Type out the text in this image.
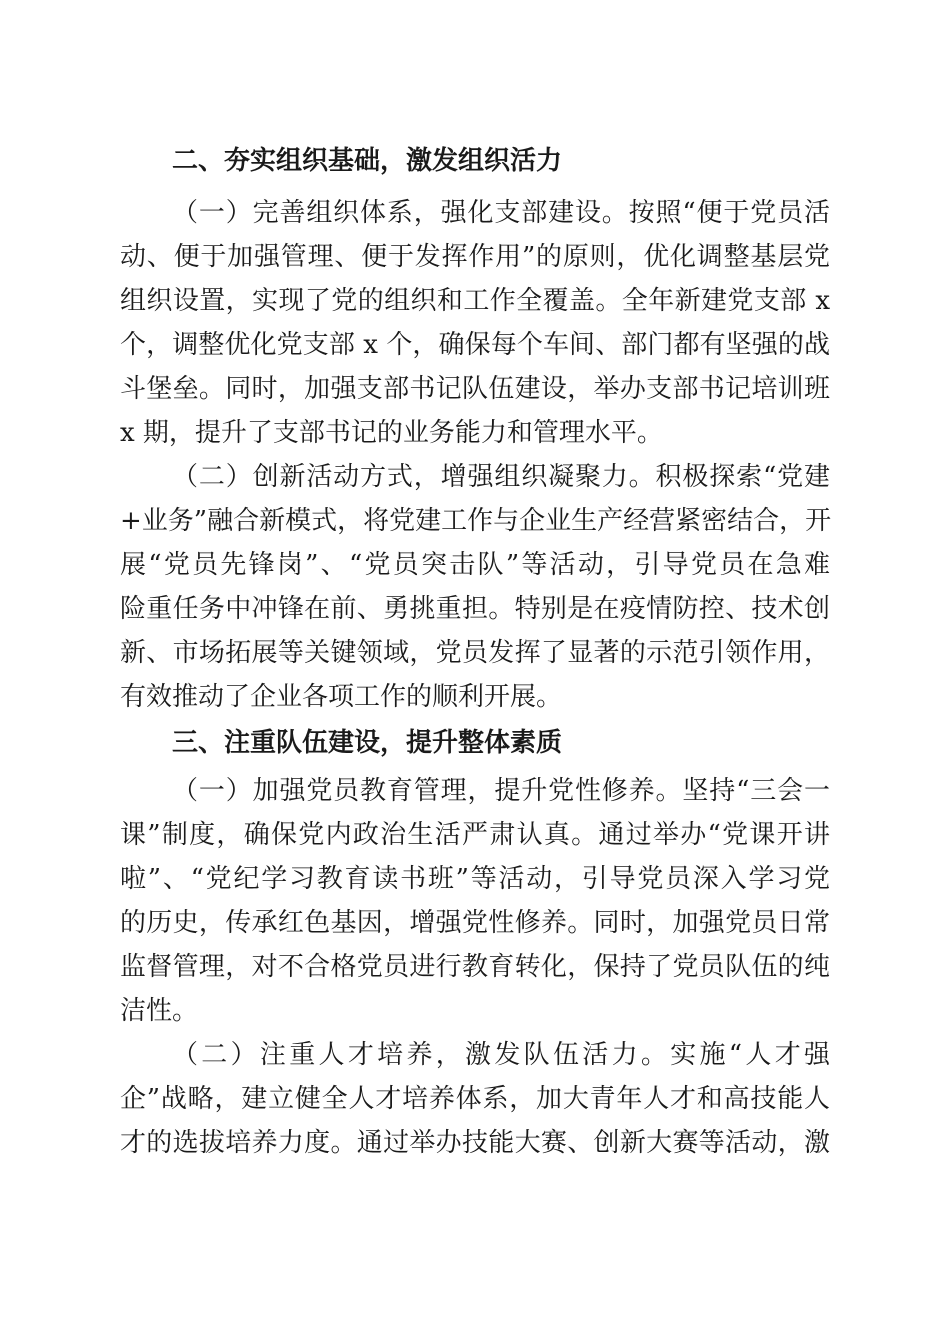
二、夯实组织基础，激发组织活力
（一）完善组织体系，强化支部建设。按照“便于党员活
动、便于加强管理、便于发挥作用”的原则，优化调整基层党
组织设置，实现了党的组织和工作全覆盖。全年新建党支部 x
个，调整优化党支部 x 个，确保每个车间、部门都有坚强的战
斗堡垒。同时，加强支部书记队伍建设，举办支部书记培训班
x 期，提升了支部书记的业务能力和管理水平。
（二）创新活动方式，增强组织凝聚力。积极探索“党建
+业务”融合新模式，将党建工作与企业生产经营紧密结合，开
展“党员先锋岗”、“党员突击队”等活动，引导党员在急难
险重任务中冲锋在前、勇挑重担。特别是在疫情防控、技术创
新、市场拓展等关键领域，党员发挥了显著的示范引领作用，
有效推动了企业各项工作的顺利开展。
三、注重队伍建设，提升整体素质
（一）加强党员教育管理，提升党性修养。坚持“三会一
课”制度，确保党内政治生活严肃认真。通过举办“党课开讲
啦”、“党纪学习教育读书班”等活动，引导党员深入学习党
的历史，传承红色基因，增强党性修养。同时，加强党员日常
监督管理，对不合格党员进行教育转化，保持了党员队伍的纯
洁性。
（二）注重人才培养，激发队伍活力。实施“人才强
企”战略，建立健全人才培养体系，加大青年人才和高技能人
才的选拔培养力度。通过举办技能大赛、创新大赛等活动，激
